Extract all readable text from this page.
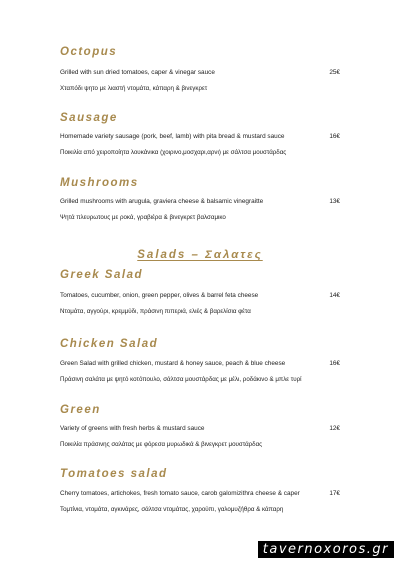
Octopus
Grilled with sun dried tomatoes, caper & vinegar sauce	25€
Χταπόδι ψητο με λιαστή ντομάτα, κάπαρη & βινεγκρετ
Sausage
Homemade variety sausage (pork, beef, lamb) with pita bread & mustard sauce	16€
Ποικιλία από χειροποίητα λουκάνικα (χοιρινο,μοσχαρι,αρνι) με σάλτσα μουστάρδας
Mushrooms
Grilled mushrooms with arugula, graviera cheese & balsamic vinegraitte	13€
Ψητά πλευρωτους με ροκά, γραβιέρα & βινεγκρετ βαλσαμικο
Salads – Σαλατες
Greek Salad
Tomatoes, cucumber, onion, green pepper, olives & barrel feta cheese	14€
Ντομάτα, αγγούρι, κρεμμύδι, πράσινη πιπεριά, ελιές & βαρελίσια φέτα
Chicken Salad
Green Salad with grilled chicken, mustard & honey sauce, peach & blue cheese	16€
Πράσινη σαλάτα με ψητό κοτόπουλο, σάλτσα μουστάρδας με μέλι, ροδάκινο & μπλε τυρί
Green
Variety of greens with fresh herbs & mustard sauce	12€
Ποικιλία πράσινης σαλάτας με φόρεσα μυρωδικά & βινεγκρετ μουστάρδας
Tomatoes salad
Cherry tomatoes, artichokes, fresh tomato sauce, carob galomizithra cheese & caper	17€
Τομτίνια, ντομάτα, αγκινάρες, σάλτσα ντομάτας, χαρούπι, γαλομυζήθρα & κάπαρη
tavernoxoros.gr
